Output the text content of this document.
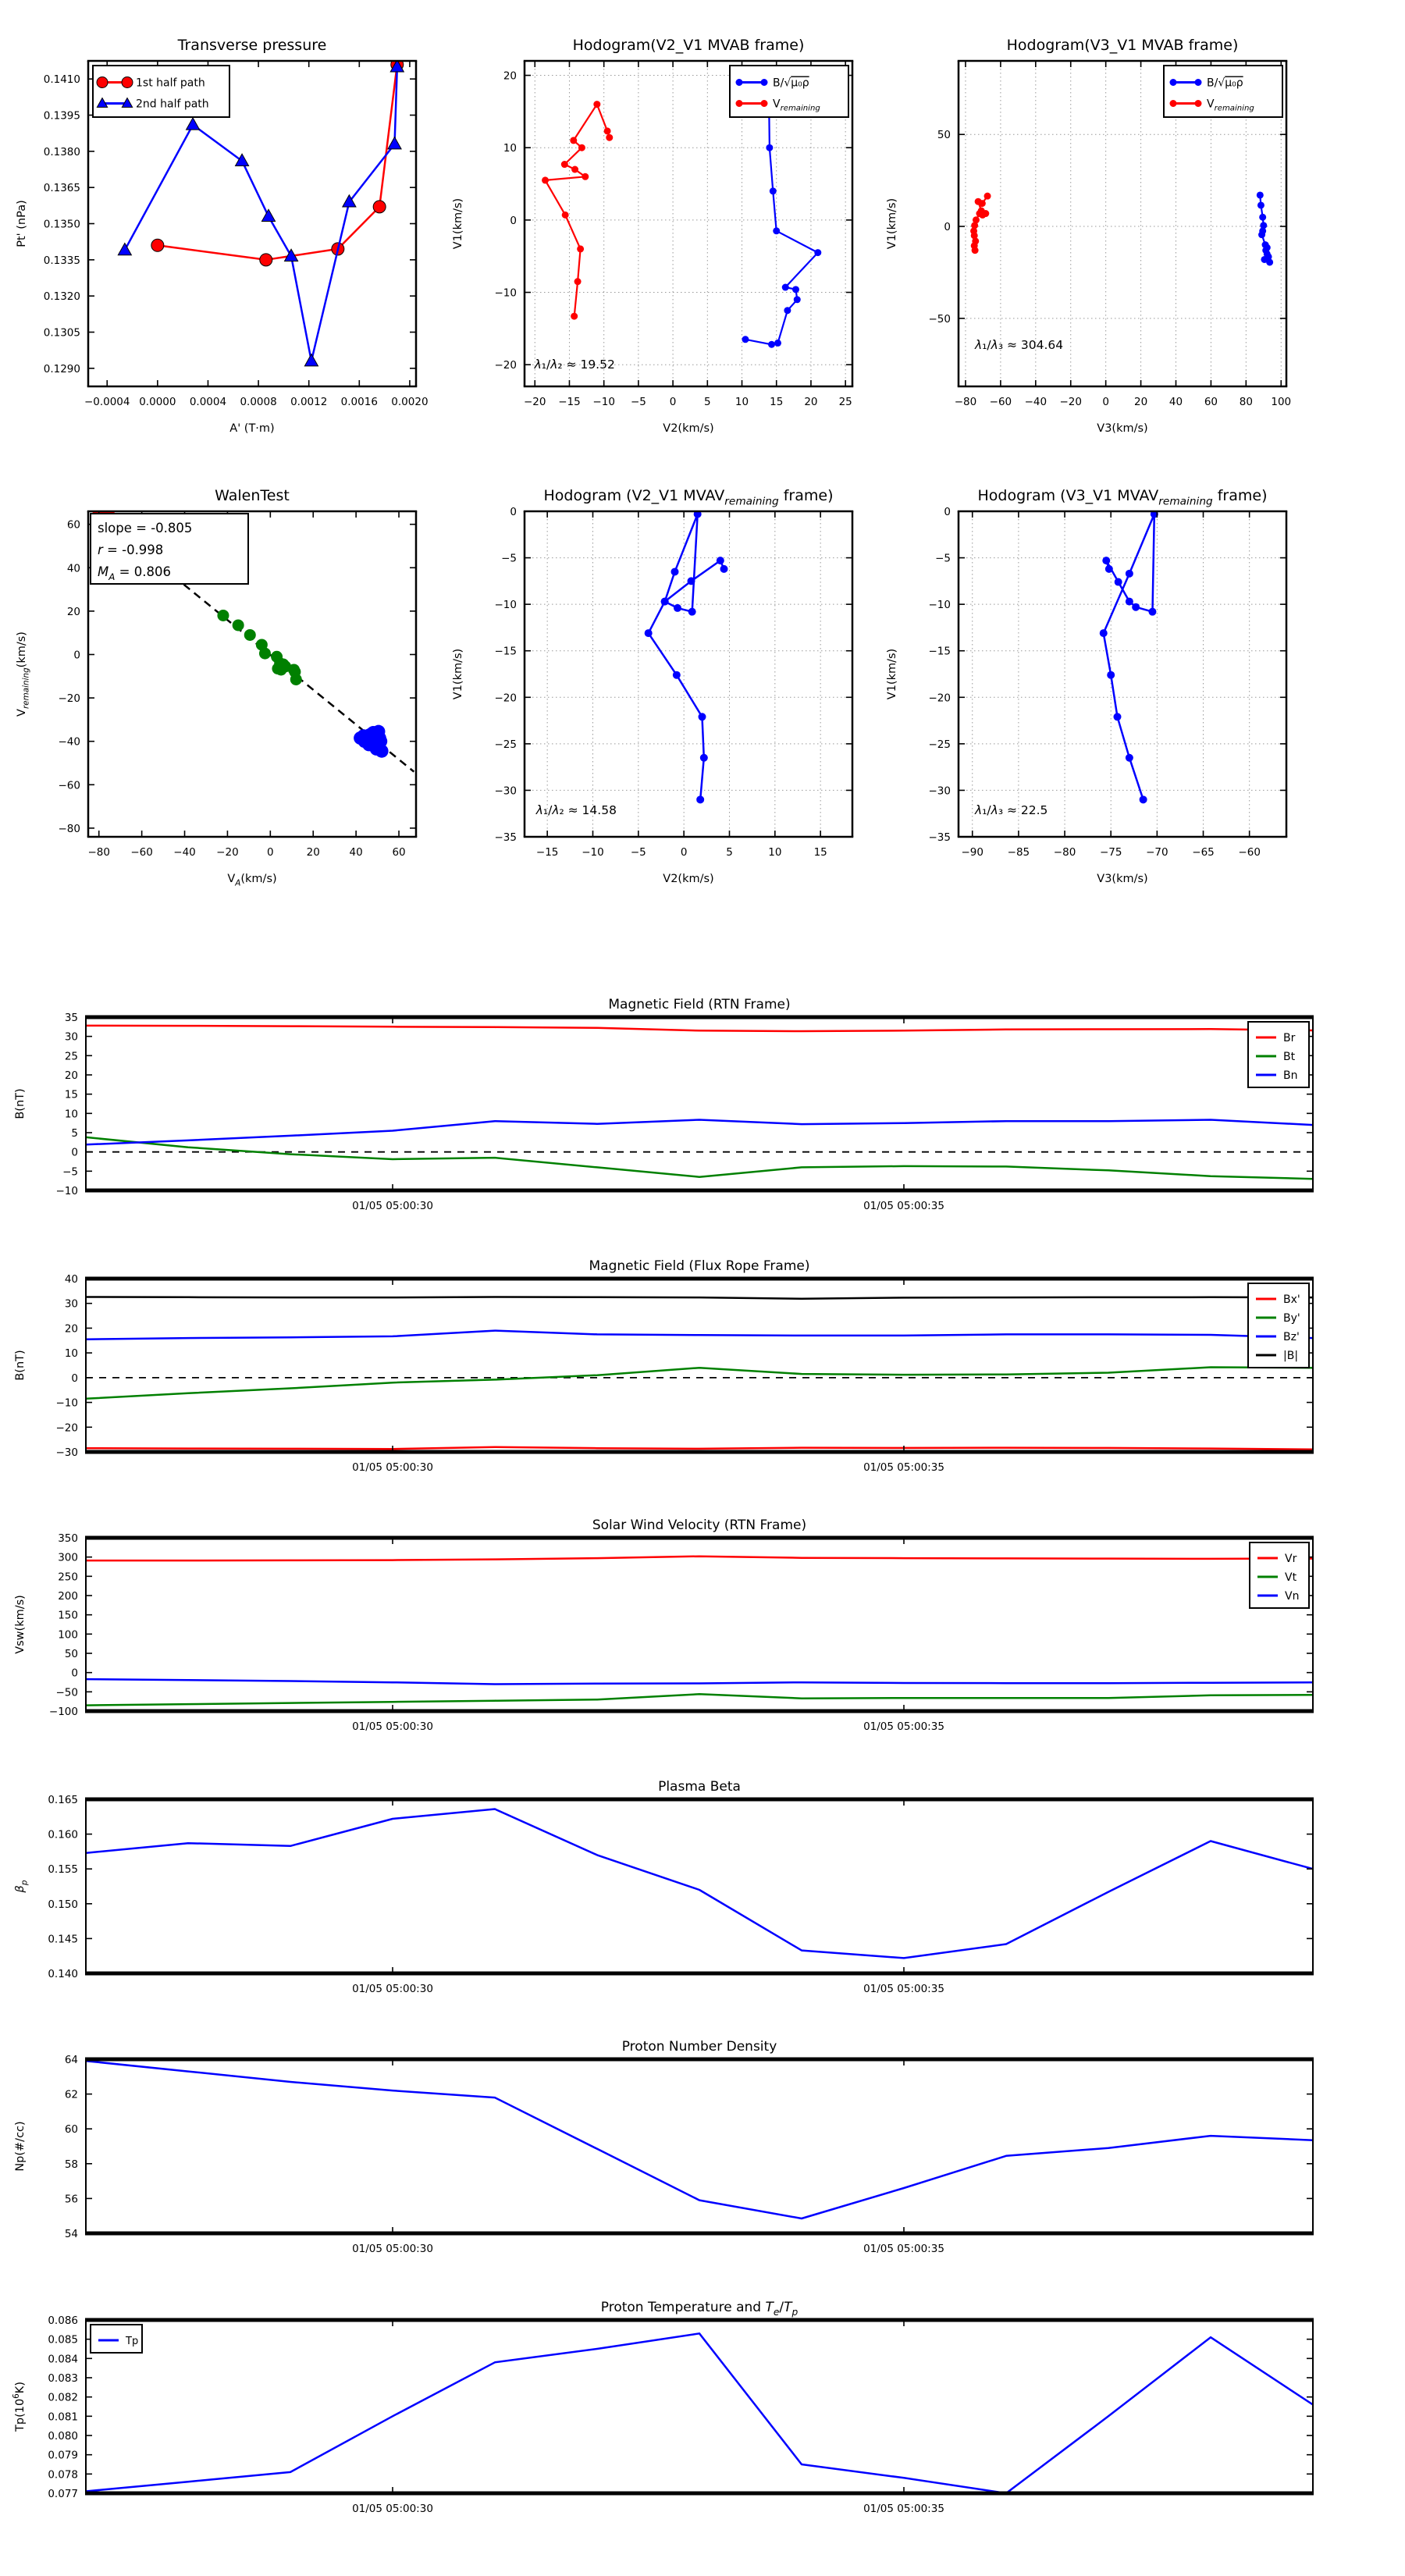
−0.0004 0.0000 0.0004 0.0008 0.0012 0.0016 0.0020
0.1290
0.1305
0.1320
0.1335
0.1350
0.1365
0.1380
0.1395
0.1410
Transverse pressure
A' (T·m)
Pt' (nPa)
1st half path
2nd half path
−20 −15 −10 −5 0	5 10 15 20 25
−20
−10
0
10
20
Hodogram(V2_V1 MVAB frame)
V2(km/s)
V1(km/s)
λ₁/λ₂ ≈ 19.52
B/√μ₀ρ
$V_{remaining}$
−80 −60 −40 −20 0 20 40 60 80 100
−50
0
50
Hodogram(V3_V1 MVAB frame)
V3(km/s)
V1(km/s)
λ₁/λ₃ ≈ 304.64
B/√μ₀ρ
$V_{remaining}$
−80 −60 −40 −20	0	20	40	60
−80
−60
−40
−20
0
20
40
60
WalenTest
$V_A(km/s)$
$V_{remaining}(km/s)$
slope = -0.805
r = -0.998
$M_A = 0.806$
−15 −10	−5	0	5	10	15
−35
−30
−25
−20
−15
−10
−5
0
Hodogram (V2_V1 $MVAV_{remaining}$ frame)
V2(km/s)
V1(km/s)
λ₁/λ₂ ≈ 14.58
−90 −85 −80 −75 −70 −65 −60
−35
−30
−25
−20
−15
−10
−5
0
Hodogram (V3_V1 $MVAV_{remaining}$ frame)
V3(km/s)
V1(km/s)
λ₁/λ₃ ≈ 22.5
01/05 05:00:30	01/05 05:00:35
−10
−5
0
5
10
15
20
25
30
35
Magnetic Field (RTN Frame)
B(nT)
Br
Bt
Bn
01/05 05:00:30	01/05 05:00:35
−30
−20
−10
0
10
20
30
40
Magnetic Field (Flux Rope Frame)
B(nT)
Bx'
By'
Bz'
|B|
01/05 05:00:30	01/05 05:00:35
−100
−50
0
50
100
150
200
250
300
350
Solar Wind Velocity (RTN Frame)
Vsw(km/s)
Vr
Vt
Vn
01/05 05:00:30	01/05 05:00:35
0.140
0.145
0.150
0.155
0.160
0.165
Plasma Beta
$\beta_p$
01/05 05:00:30	01/05 05:00:35
54
56
58
60
62
64
Proton Number Density
Np(#/cc)
01/05 05:00:30	01/05 05:00:35
0.077
0.078
0.079
0.080
0.081
0.082
0.083
0.084
0.085
0.086
Proton Temperature and $T_e/T_p$
$Tp(10^6K)$
Tp
